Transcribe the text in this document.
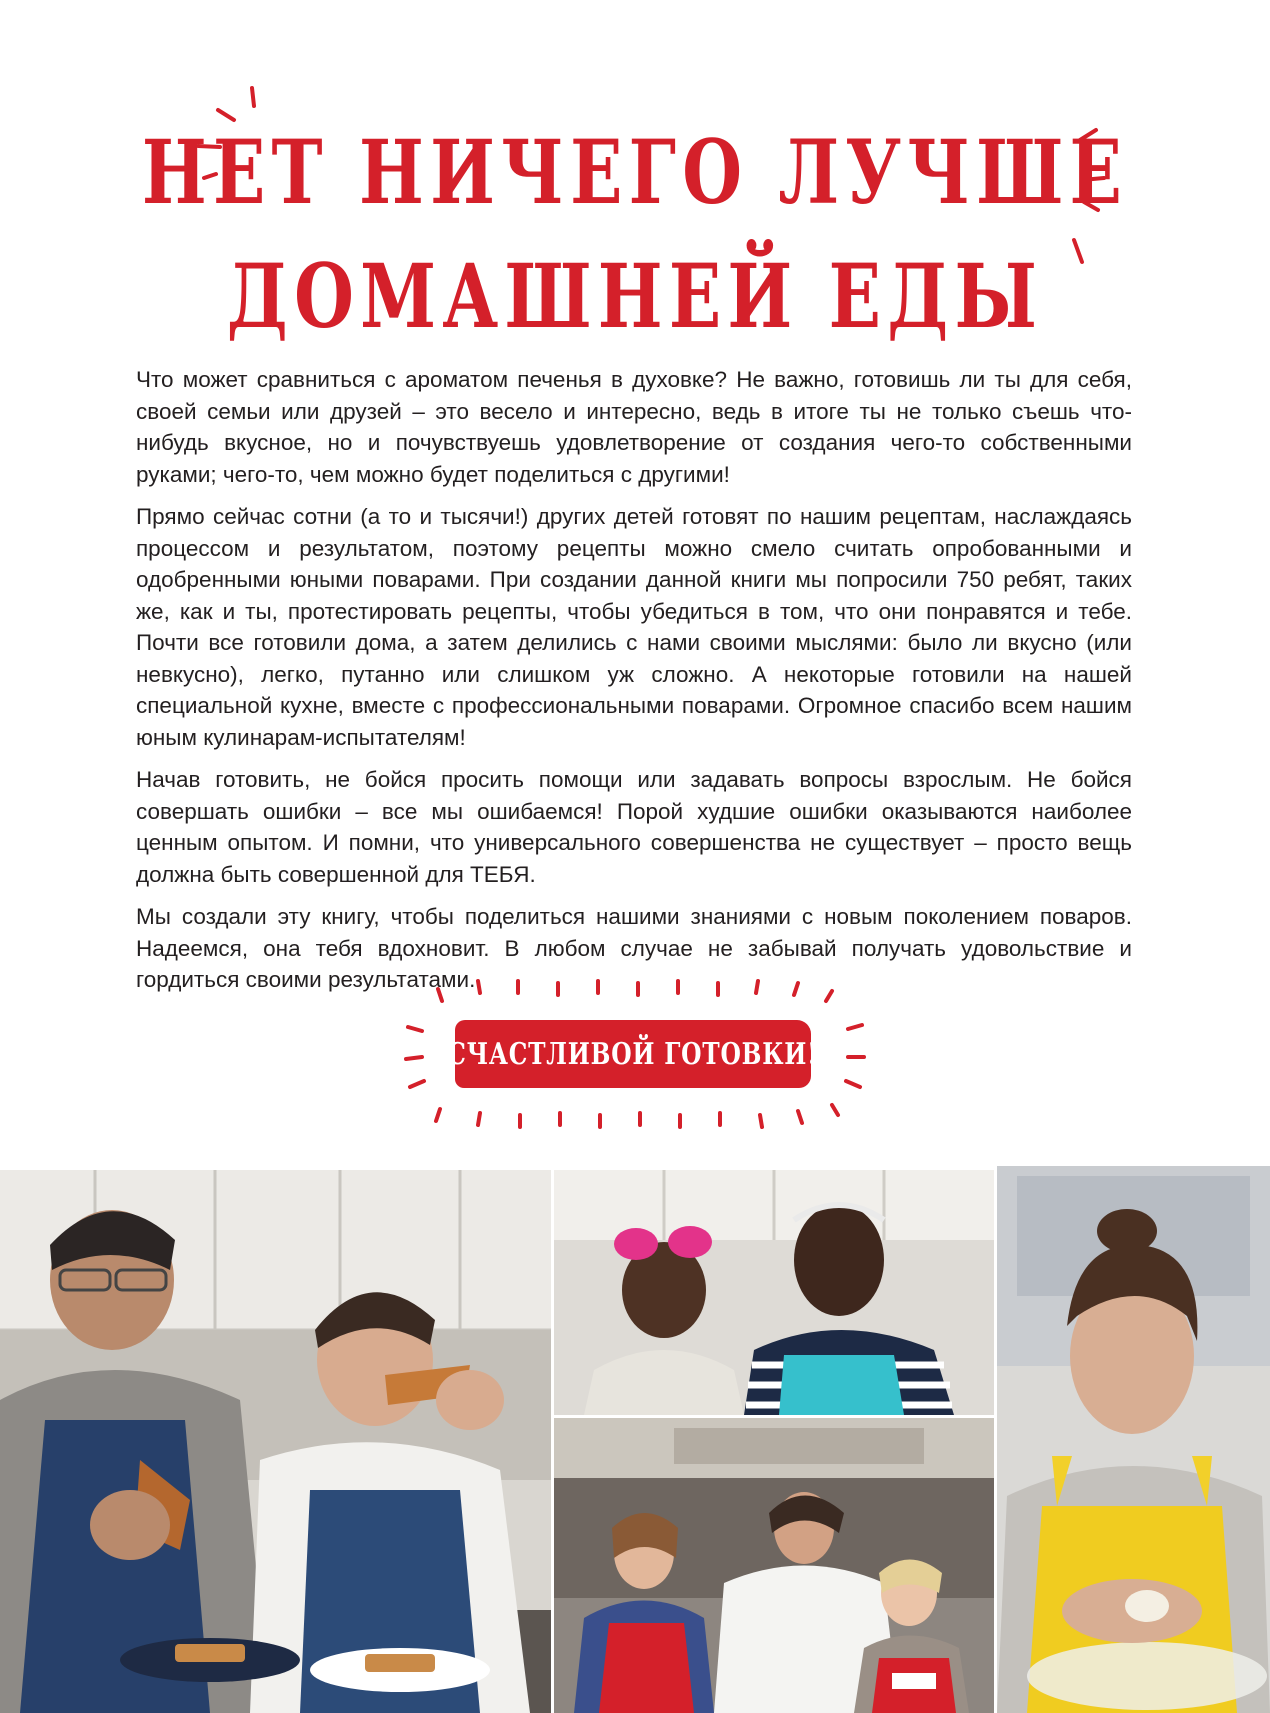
НЕТ НИЧЕГО ЛУЧШЕ
ДОМАШНЕЙ ЕДЫ

Что может сравниться с ароматом печенья в духовке? Не важно, готовишь ли ты для себя, своей семьи или друзей – это весело и интересно, ведь в итоге ты не только съешь что-нибудь вкусное, но и почувствуешь удовлетворение от создания чего-то собственными руками; чего-то, чем можно будет поделиться с другими!

Прямо сейчас сотни (а то и тысячи!) других детей готовят по нашим рецептам, наслаждаясь процессом и результатом, поэтому рецепты можно смело считать опробованными и одобренными юными поварами. При создании данной книги мы попросили 750 ребят, таких же, как и ты, протестировать рецепты, чтобы убедиться в том, что они понравятся и тебе. Почти все готовили дома, а затем делились с нами своими мыслями: было ли вкусно (или невкусно), легко, путанно или слишком уж сложно. А некоторые готовили на нашей специальной кухне, вместе с профессиональными поварами. Огромное спасибо всем нашим юным кулинарам-испытателям!

Начав готовить, не бойся просить помощи или задавать вопросы взрослым. Не бойся совершать ошибки – все мы ошибаемся! Порой худшие ошибки оказываются наиболее ценным опытом. И помни, что универсального совершенства не существует – просто вещь должна быть совершенной для ТЕБЯ.

Мы создали эту книгу, чтобы поделиться нашими знаниями с новым поколением поваров. Надеемся, она тебя вдохновит. В любом случае не забывай получать удовольствие и гордиться своими результатами.

СЧАСТЛИВОЙ ГОТОВКИ!
